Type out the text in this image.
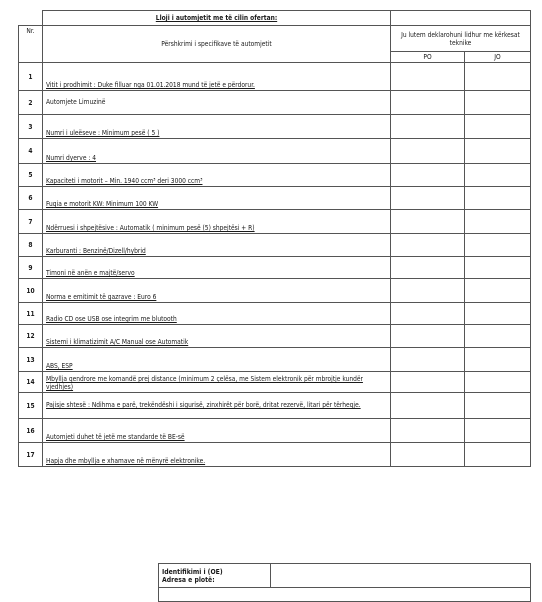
	Lloji i automjetit me të cilin ofertan:		
Nr.	Përshkrimi i specifikave të automjetit	Ju lutem deklarohuni lidhur me kërkesat teknike	
		PO	JO
1	Vitit i prodhimit : Duke filluar nga 01.01.2018 mund të jetë e përdorur.		
2	Automjete Limuzinë		
3	Numri i uleëseve : Minimum pesë ( 5 )		
4	Numri dyerve : 4		
5	Kapaciteti i motorit – Min. 1940 ccm³ deri 3000 ccm³		
6	Fuqia e motorit KW: Minimum 100 KW		
7	Ndërruesi i shpejtësive : Automatik ( minimum pesë (5) shpejtësi + R)		
8	Karburanti : Benzinë/Dizell/hybrid		
9	Timoni në anën e majtë/servo		
10	Norma e emitimit të gazrave : Euro 6		
11	Radio CD ose USB ose integrim me blutooth		
12	Sistemi i klimatizimit A/C Manual ose Automatik		
13	ABS, ESP		
14	Mbyllja qendrore me komandë prej distance (minimum 2 çelësa, me Sistem elektronik për mbrojtje kundër vjedhjes)		
15	Pajisje shtesë : Ndihma e parë, trekëndëshi i sigurisë, zinxhirët për borë, dritat rezervë, litari për tërheqje.		
16	Automjeti duhet të jetë me standarde të BE-së		
17	Hapja dhe mbyllja e xhamave në mënyrë elektronike.		
Identifikimi i (OE)
Adresa e plotë:
